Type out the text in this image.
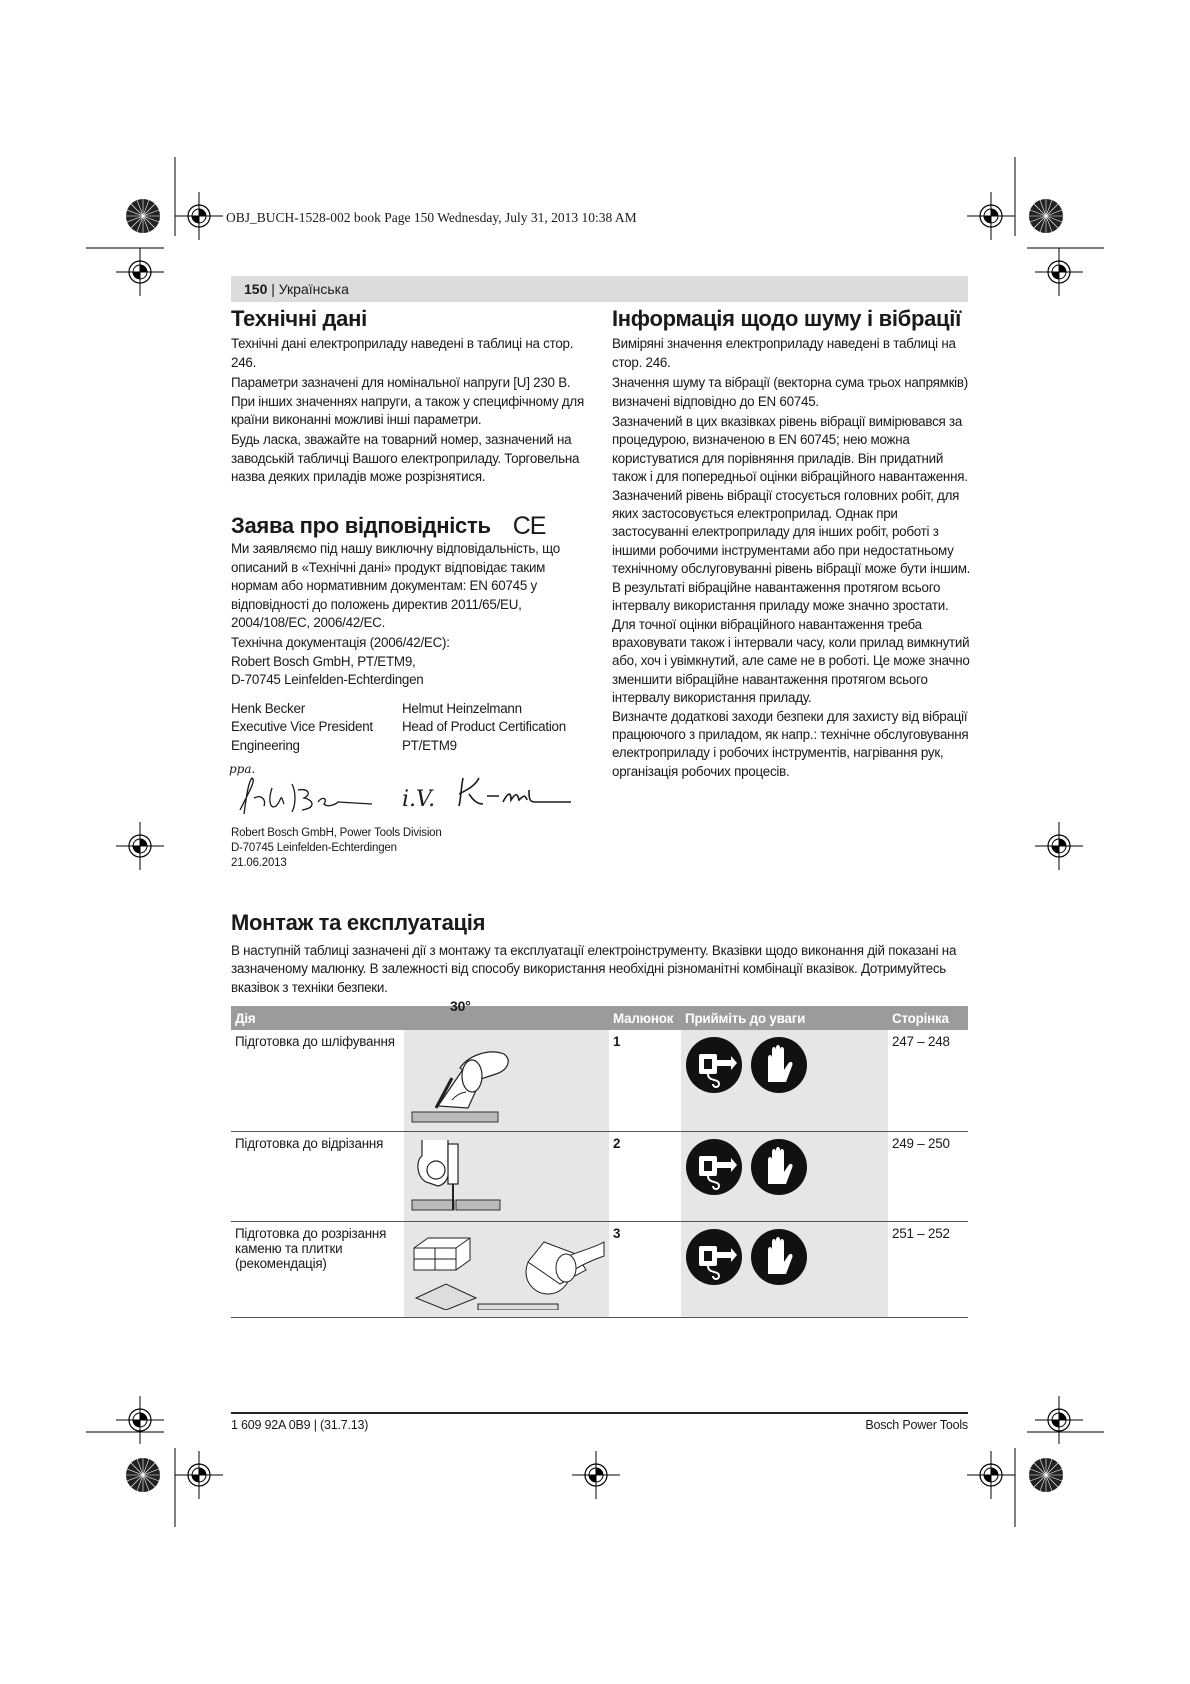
OBJ_BUCH-1528-002 book Page 150 Wednesday, July 31, 2013 10:38 AM
150 | Українська
Технічні дані

Технічні дані електроприладу наведені в таблиці на стор. 246.

Параметри зазначені для номінальної напруги [U] 230 В. При інших значеннях напруги, а також у специфічному для країни виконанні можливі інші параметри.

Будь ласка, зважайте на товарний номер, зазначений на заводській табличці Вашого електроприладу. Торговельна назва деяких приладів може розрізнятися.

Заява про відповідність CE

Ми заявляємо під нашу виключну відповідальність, що описаний в «Технічні дані» продукт відповідає таким нормам або нормативним документам: EN 60745 у відповідності до положень директив 2011/65/EU, 2004/108/EC, 2006/42/EC.

Технічна документація (2006/42/EC):
Robert Bosch GmbH, PT/ETM9,
D-70745 Leinfelden-Echterdingen
Henk Becker
Executive Vice President
Engineering
Helmut Heinzelmann
Head of Product Certification
PT/ETM9
ppa.
i.V.
Robert Bosch GmbH, Power Tools Division
D-70745 Leinfelden-Echterdingen
21.06.2013
Інформація щодо шуму і вібрації

Виміряні значення електроприладу наведені в таблиці на стор. 246.

Значення шуму та вібрації (векторна сума трьох напрямків) визначені відповідно до EN 60745.

Зазначений в цих вказівках рівень вібрації вимірювався за процедурою, визначеною в EN 60745; нею можна користуватися для порівняння приладів. Він придатний також і для попередньої оцінки вібраційного навантаження.

Зазначений рівень вібрації стосується головних робіт, для яких застосовується електроприлад. Однак при застосуванні електроприладу для інших робіт, роботі з іншими робочими інструментами або при недостатньому технічному обслуговуванні рівень вібрації може бути іншим. В результаті вібраційне навантаження протягом всього інтервалу використання приладу може значно зростати.

Для точної оцінки вібраційного навантаження треба враховувати також і інтервали часу, коли прилад вимкнутий або, хоч і увімкнутий, але саме не в роботі. Це може значно зменшити вібраційне навантаження протягом всього інтервалу використання приладу.

Визначте додаткові заходи безпеки для захисту від вібрації працюючого з приладом, як напр.: технічне обслуговування електроприладу і робочих інструментів, нагрівання рук, організація робочих процесів.

Монтаж та експлуатація
В наступній таблиці зазначені дії з монтажу та експлуатації електроінструменту. Вказівки щодо виконання дій показані на зазначеному малюнку. В залежності від способу використання необхідні різноманітні комбінації вказівок. Дотримуйтесь вказівок з техніки безпеки.
Дія		Малюнок	Прийміть до уваги	Сторінка
Підготовка до шліфування	30°	1		247 – 248
Підготовка до відрізання		2		249 – 250
Підготовка до розрізання каменю та плитки (рекомендація)		3		251 – 252
1 609 92A 0B9 | (31.7.13)	Bosch Power Tools
